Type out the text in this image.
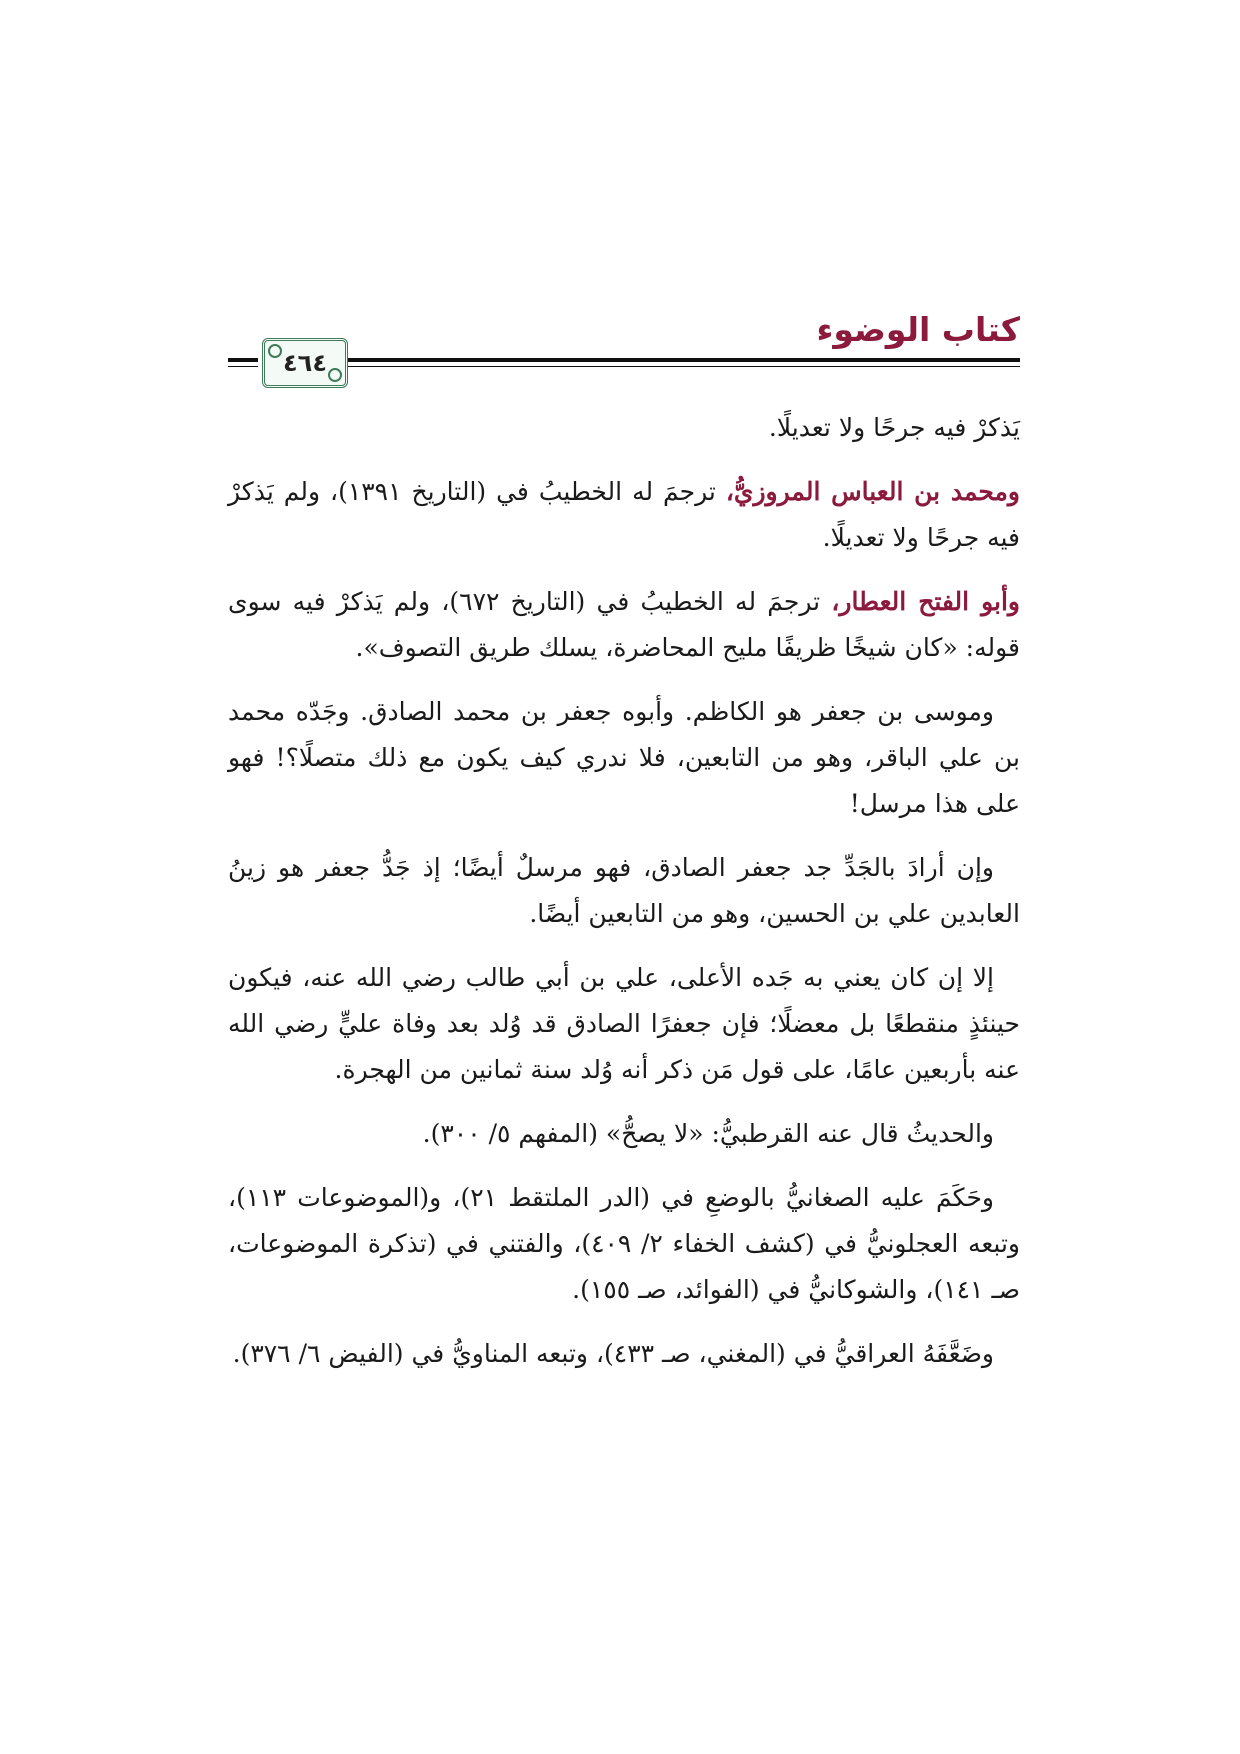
كتاب الوضوء
٤٦٤

يَذكرْ فيه جرحًا ولا تعديلًا.

ومحمد بن العباس المروزيُّ، ترجمَ له الخطيبُ في (التاريخ ١٣٩١)، ولم يَذكرْ فيه جرحًا ولا تعديلًا.

وأبو الفتح العطار، ترجمَ له الخطيبُ في (التاريخ ٦٧٢)، ولم يَذكرْ فيه سوى قوله: «كان شيخًا ظريفًا مليح المحاضرة، يسلك طريق التصوف».

وموسى بن جعفر هو الكاظم. وأبوه جعفر بن محمد الصادق. وجَدّه محمد بن علي الباقر، وهو من التابعين، فلا ندري كيف يكون مع ذلك متصلًا؟! فهو على هذا مرسل!

وإن أرادَ بالجَدِّ جد جعفر الصادق، فهو مرسلٌ أيضًا؛ إذ جَدُّ جعفر هو زينُ العابدين علي بن الحسين، وهو من التابعين أيضًا.

إلا إن كان يعني به جَده الأعلى، علي بن أبي طالب رضي الله عنه، فيكون حينئذٍ منقطعًا بل معضلًا؛ فإن جعفرًا الصادق قد وُلد بعد وفاة عليٍّ رضي الله عنه بأربعين عامًا، على قول مَن ذكر أنه وُلد سنة ثمانين من الهجرة.

والحديثُ قال عنه القرطبيُّ: «لا يصحُّ» (المفهم ٥/ ٣٠٠).

وحَكَمَ عليه الصغانيُّ بالوضعِ في (الدر الملتقط ٢١)، و(الموضوعات ١١٣)، وتبعه العجلونيُّ في (كشف الخفاء ٢/ ٤٠٩)، والفتني في (تذكرة الموضوعات، صـ ١٤١)، والشوكانيُّ في (الفوائد، صـ ١٥٥).

وضَعَّفَهُ العراقيُّ في (المغني، صـ ٤٣٣)، وتبعه المناويُّ في (الفيض ٦/ ٣٧٦).
